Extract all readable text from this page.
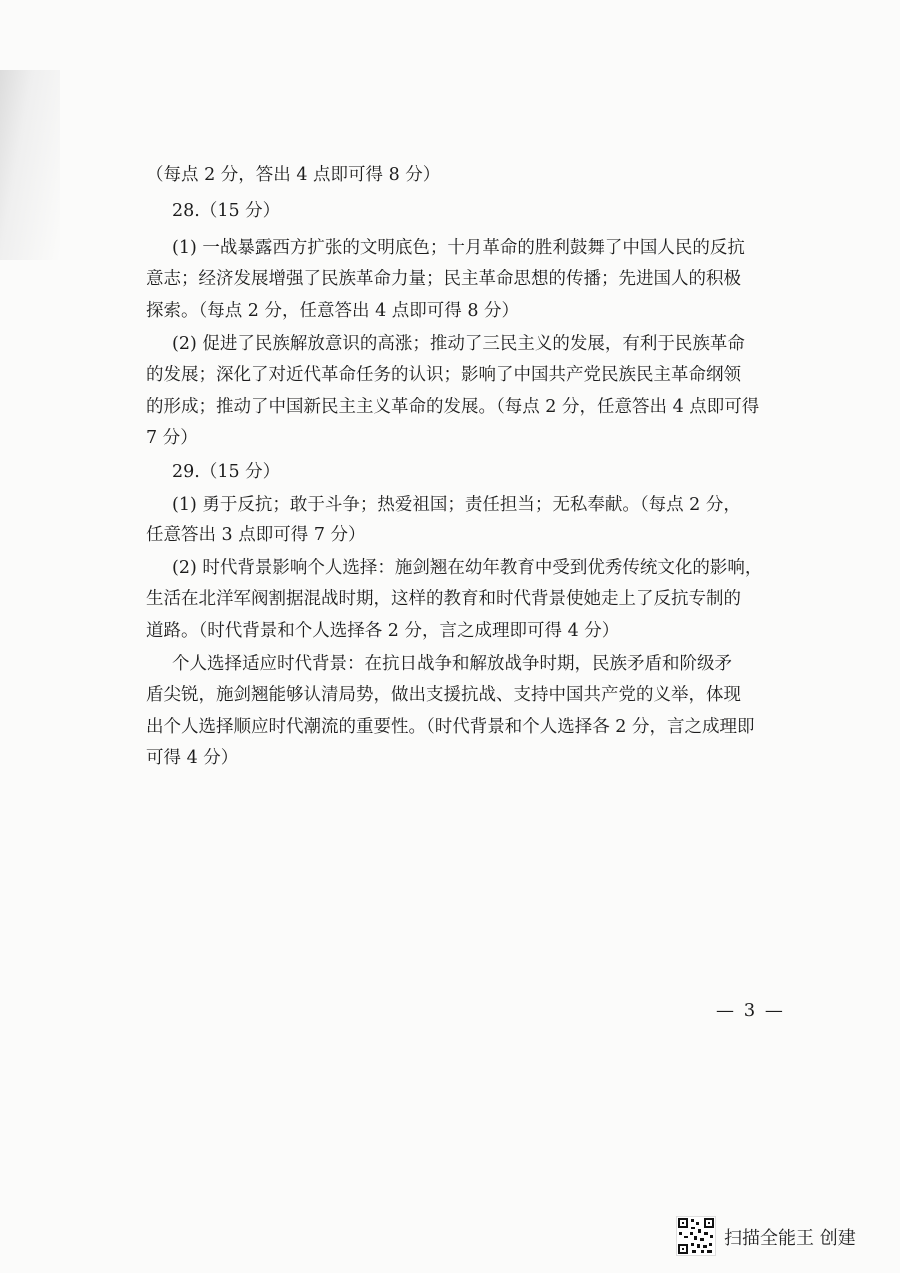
（每点 2 分，答出 4 点即可得 8 分）
28.（15 分）
(1) 一战暴露西方扩张的文明底色；十月革命的胜利鼓舞了中国人民的反抗
意志；经济发展增强了民族革命力量；民主革命思想的传播；先进国人的积极
探索。（每点 2 分，任意答出 4 点即可得 8 分）
(2) 促进了民族解放意识的高涨；推动了三民主义的发展，有利于民族革命
的发展；深化了对近代革命任务的认识；影响了中国共产党民族民主革命纲领
的形成；推动了中国新民主主义革命的发展。（每点 2 分，任意答出 4 点即可得
7 分）
29.（15 分）
(1) 勇于反抗；敢于斗争；热爱祖国；责任担当；无私奉献。（每点 2 分，
任意答出 3 点即可得 7 分）
(2) 时代背景影响个人选择：施剑翘在幼年教育中受到优秀传统文化的影响，
生活在北洋军阀割据混战时期，这样的教育和时代背景使她走上了反抗专制的
道路。（时代背景和个人选择各 2 分，言之成理即可得 4 分）
个人选择适应时代背景：在抗日战争和解放战争时期，民族矛盾和阶级矛
盾尖锐，施剑翘能够认清局势，做出支援抗战、支持中国共产党的义举，体现
出个人选择顺应时代潮流的重要性。（时代背景和个人选择各 2 分，言之成理即
可得 4 分）
— 3 —
扫描全能王 创建
